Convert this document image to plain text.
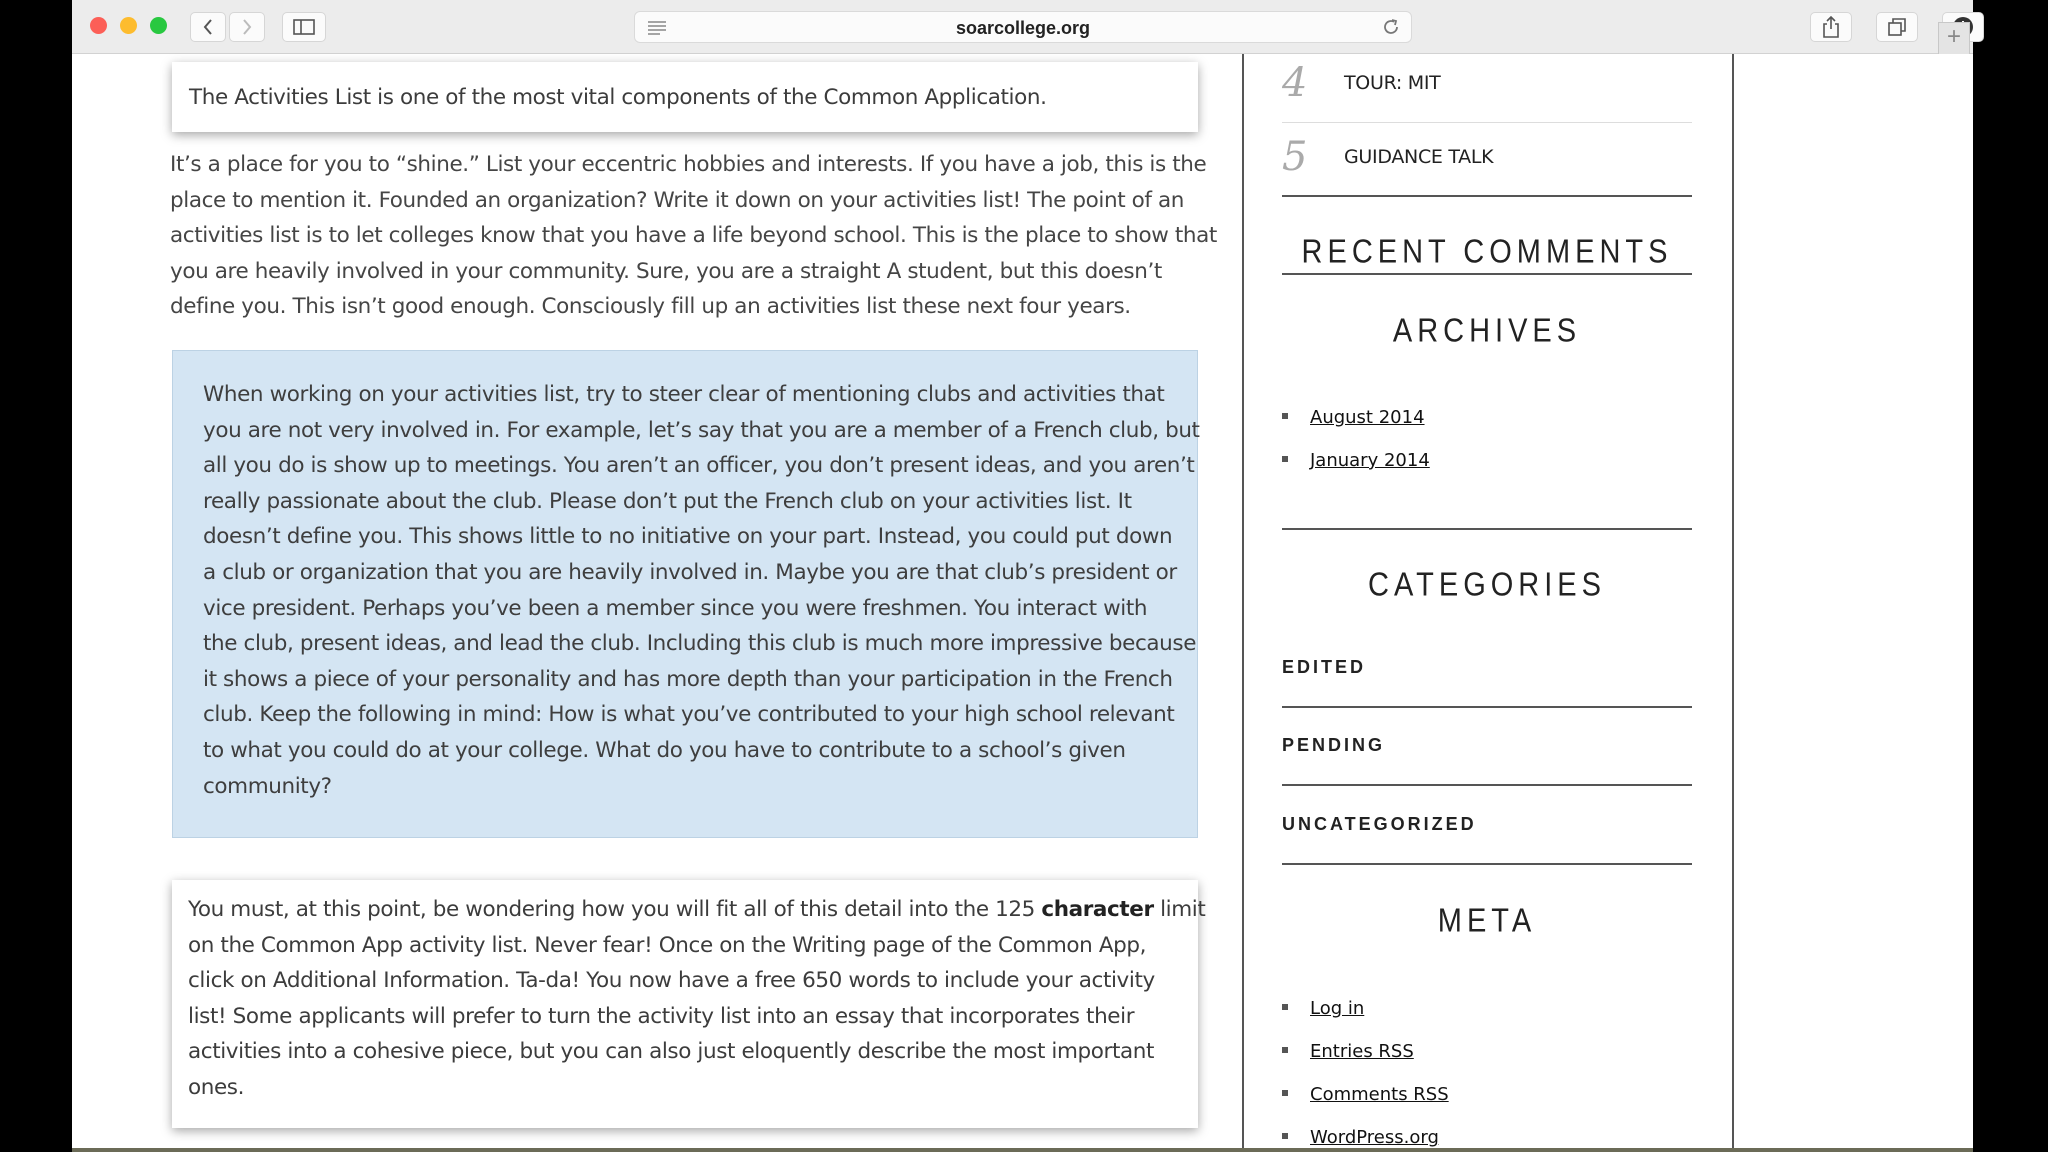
soarcollege.org	+
The Activities List is one of the most vital components of the Common Application.

It’s a place for you to “shine.” List your eccentric hobbies and interests. If you have a job, this is the

place to mention it. Founded an organization? Write it down on your activities list! The point of an

activities list is to let colleges know that you have a life beyond school. This is the place to show that

you are heavily involved in your community. Sure, you are a straight A student, but this doesn’t

define you. This isn’t good enough. Consciously fill up an activities list these next four years.

When working on your activities list, try to steer clear of mentioning clubs and activities that

you are not very involved in. For example, let’s say that you are a member of a French club, but

all you do is show up to meetings. You aren’t an officer, you don’t present ideas, and you aren’t

really passionate about the club. Please don’t put the French club on your activities list. It

doesn’t define you. This shows little to no initiative on your part. Instead, you could put down

a club or organization that you are heavily involved in. Maybe you are that club’s president or

vice president. Perhaps you’ve been a member since you were freshmen. You interact with

the club, present ideas, and lead the club. Including this club is much more impressive because

it shows a piece of your personality and has more depth than your participation in the French

club. Keep the following in mind: How is what you’ve contributed to your high school relevant

to what you could do at your college. What do you have to contribute to a school’s given

community?

You must, at this point, be wondering how you will fit all of this detail into the 125 character limit

on the Common App activity list. Never fear! Once on the Writing page of the Common App,

click on Additional Information. Ta-da! You now have a free 650 words to include your activity

list! Some applicants will prefer to turn the activity list into an essay that incorporates their

activities into a cohesive piece, but you can also just eloquently describe the most important

ones.

4 TOUR: MIT
5 GUIDANCE TALK
RECENT COMMENTS
ARCHIVES
August 2014
January 2014
CATEGORIES
EDITED
PENDING
UNCATEGORIZED
META
Log in
Entries RSS
Comments RSS
WordPress.org
